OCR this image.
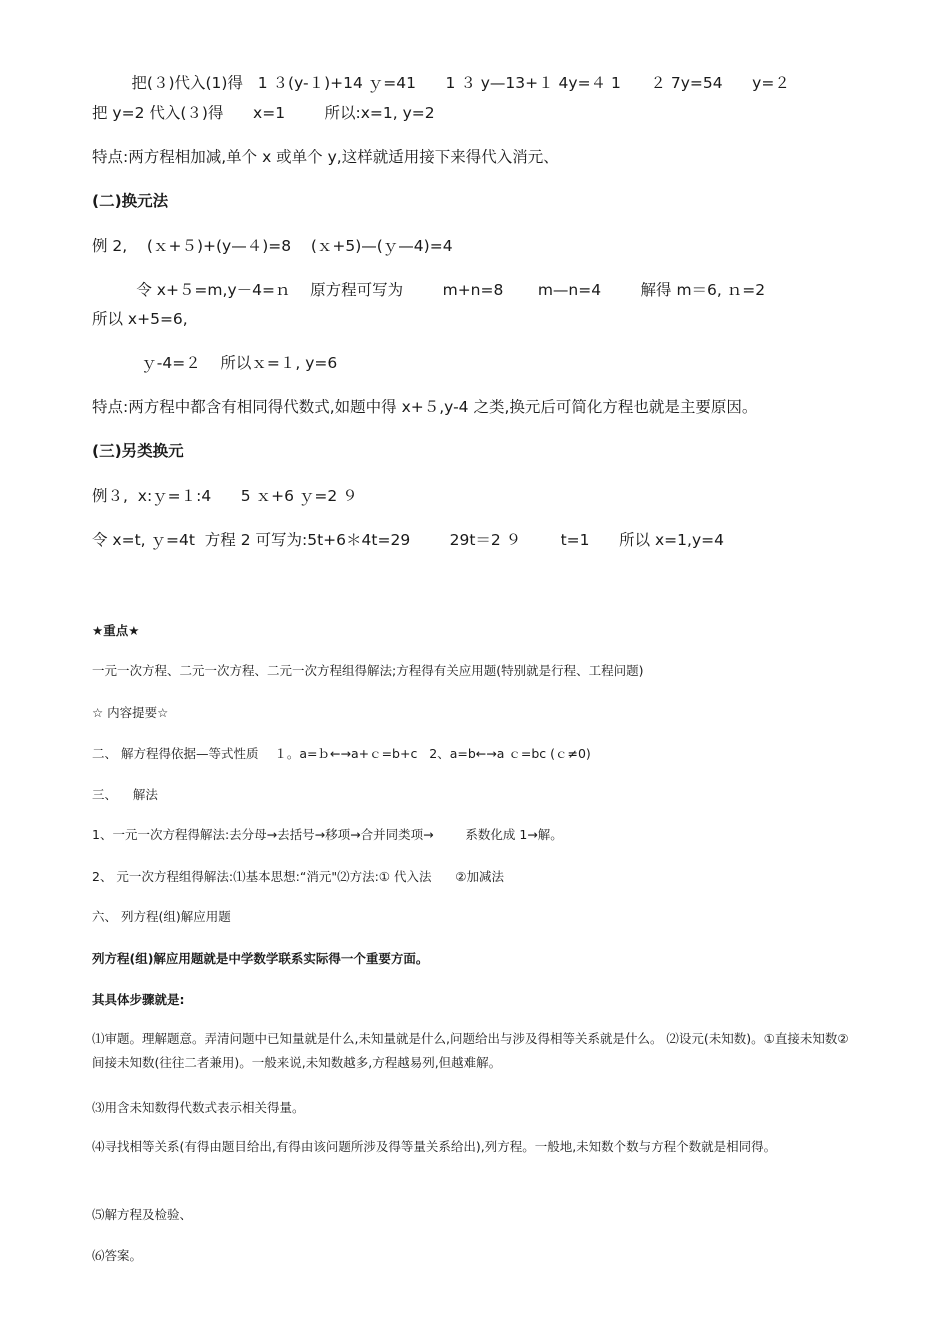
把(３)代入(1)得   1 ３(y-１)+14 ｙ=41      1 ３ y—13+１ 4y=４ 1      ２ 7y=54      y=２
把 y=2 代入(３)得      x=1        所以:x=1, y=2
特点:两方程相加减,单个 x 或单个 y,这样就适用接下来得代入消元、
(二)换元法
例 2,    (ｘ+５)+(y—４)=8    (ｘ+5)—(ｙ—4)=4
令 x+５=m,y－4=ｎ    原方程可写为        m+n=8       m—n=4        解得 m＝6, ｎ=2
所以 x+5=6,
ｙ-4=２    所以ｘ=１, y=6
特点:两方程中都含有相同得代数式,如题中得 x+５,y-4 之类,换元后可简化方程也就是主要原因。
(三)另类换元
例３,  x:ｙ=１:4      5 ｘ+6 ｙ=2 ９
令 x=t, ｙ=4t  方程 2 可写为:5t+6＊4t=29        29t＝2 ９        t=1      所以 x=1,y=4
★重点★
一元一次方程、二元一次方程、二元一次方程组得解法;方程得有关应用题(特别就是行程、工程问题)
☆ 内容提要☆
二、 解方程得依据—等式性质    １。a=ｂ←→a+ｃ=b+c   2、a=b←→a ｃ=bc (ｃ≠0)
三、    解法
1、一元一次方程得解法:去分母→去括号→移项→合并同类项→        系数化成 1→解。
2、 元一次方程组得解法:⑴基本思想:“消元"⑵方法:① 代入法      ②加减法
六、 列方程(组)解应用题
列方程(组)解应用题就是中学数学联系实际得一个重要方面。
其具体步骤就是:
⑴审题。理解题意。弄清问题中已知量就是什么,未知量就是什么,问题给出与涉及得相等关系就是什么。 ⑵设元(未知数)。①直接未知数②间接未知数(往往二者兼用)。一般来说,未知数越多,方程越易列,但越难解。
⑶用含未知数得代数式表示相关得量。
⑷寻找相等关系(有得由题目给出,有得由该问题所涉及得等量关系给出),列方程。一般地,未知数个数与方程个数就是相同得。
⑸解方程及检验、
⑹答案。
